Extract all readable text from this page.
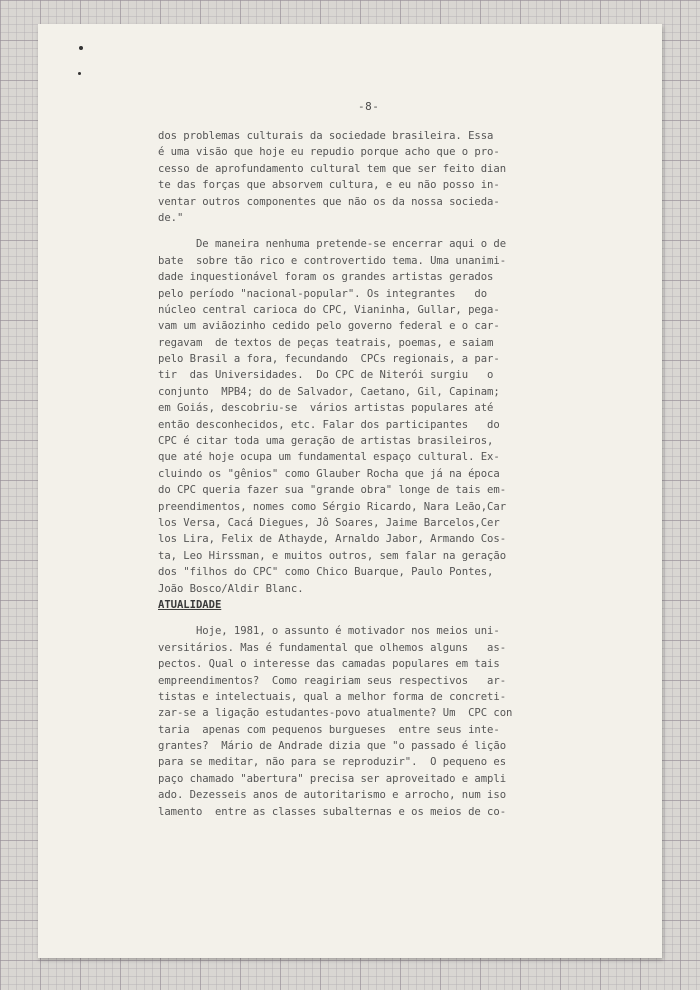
-8-
dos problemas culturais da sociedade brasileira. Essa
é uma visão que hoje eu repudio porque acho que o pro-
cesso de aprofundamento cultural tem que ser feito dian
te das forças que absorvem cultura, e eu não posso in-
ventar outros componentes que não os da nossa socieda-
de."
De maneira nenhuma pretende-se encerrar aqui o de
bate  sobre tão rico e controvertido tema. Uma unanimi-
dade inquestionável foram os grandes artistas gerados
pelo período "nacional-popular". Os integrantes   do
núcleo central carioca do CPC, Vianinha, Gullar, pega-
vam um aviãozinho cedido pelo governo federal e o car-
regavam  de textos de peças teatrais, poemas, e saiam
pelo Brasil a fora, fecundando  CPCs regionais, a par-
tir  das Universidades.  Do CPC de Niterói surgiu   o
conjunto  MPB4; do de Salvador, Caetano, Gil, Capinam;
em Goiás, descobriu-se  vários artistas populares até
então desconhecidos, etc. Falar dos participantes   do
CPC é citar toda uma geração de artistas brasileiros,
que até hoje ocupa um fundamental espaço cultural. Ex-
cluindo os "gênios" como Glauber Rocha que já na época
do CPC queria fazer sua "grande obra" longe de tais em-
preendimentos, nomes como Sérgio Ricardo, Nara Leão,Car
los Versa, Cacá Diegues, Jô Soares, Jaime Barcelos,Cer
los Lira, Felix de Athayde, Arnaldo Jabor, Armando Cos-
ta, Leo Hirssman, e muitos outros, sem falar na geração
dos "filhos do CPC" como Chico Buarque, Paulo Pontes,
João Bosco/Aldir Blanc.
ATUALIDADE
Hoje, 1981, o assunto é motivador nos meios uni-
versitários. Mas é fundamental que olhemos alguns   as-
pectos. Qual o interesse das camadas populares em tais
empreendimentos?  Como reagiriam seus respectivos   ar-
tistas e intelectuais, qual a melhor forma de concreti-
zar-se a ligação estudantes-povo atualmente? Um  CPC con
taria  apenas com pequenos burgueses  entre seus inte-
grantes?  Mário de Andrade dizia que "o passado é lição
para se meditar, não para se reproduzir".  O pequeno es
paço chamado "abertura" precisa ser aproveitado e ampli
ado. Dezesseis anos de autoritarismo e arrocho, num iso
lamento  entre as classes subalternas e os meios de co-
